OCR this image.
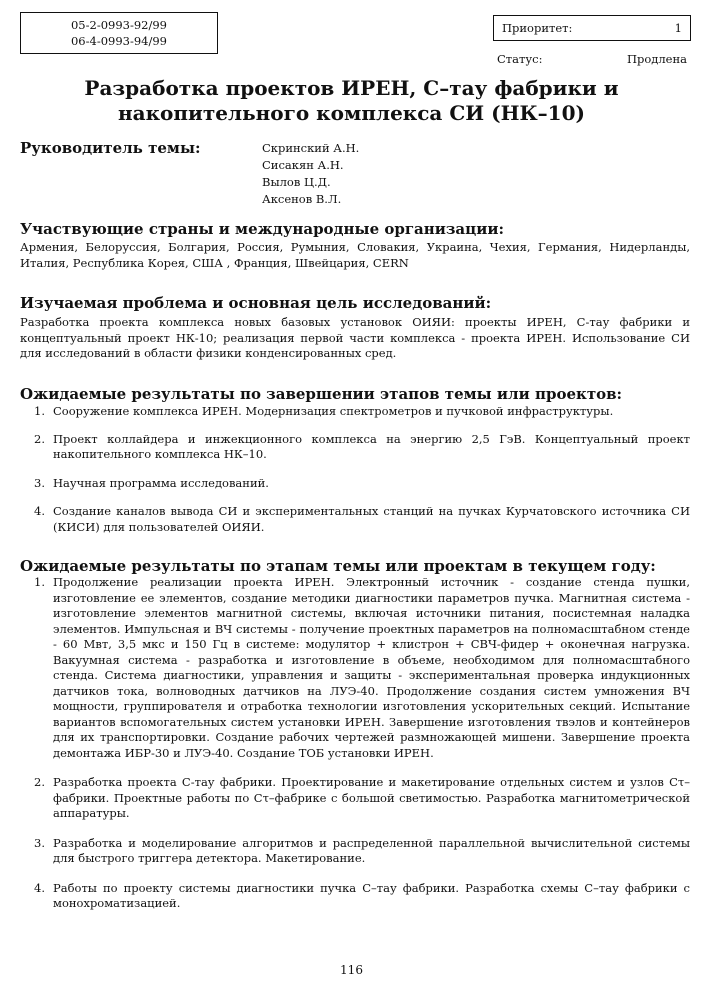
05-2-0993-92/99
06-4-0993-94/99
Приоритет:	1
Статус:	Продлена
Разработка проектов ИРЕН, С–тау фабрики и накопительного комплекса СИ (НК–10)
Руководитель темы:	Скринский А.Н.
Сисакян А.Н.
Вылов Ц.Д.
Аксенов В.Л.
Участвующие страны и международные организации:
Армения, Белоруссия, Болгария, Россия, Румыния, Словакия, Украина, Чехия, Германия, Нидерланды, Италия, Республика Корея, США , Франция, Швейцария, CERN
Изучаемая проблема и основная цель исследований:
Разработка проекта комплекса новых базовых установок ОИЯИ: проекты ИРЕН, С-тау фабрики и концептуальный проект НК-10; реализация первой части комплекса - проекта ИРЕН. Использование СИ для исследований в области физики конденсированных сред.
Ожидаемые результаты по завершении этапов темы или проектов:
1. Сооружение комплекса ИРЕН. Модернизация спектрометров и пучковой инфраструктуры.
2. Проект коллайдера и инжекционного комплекса на энергию 2,5 ГэВ. Концептуальный проект накопительного комплекса НК–10.
3. Научная программа исследований.
4. Создание каналов вывода СИ и экспериментальных станций на пучках Курчатовского источника СИ (КИСИ) для пользователей ОИЯИ.
Ожидаемые результаты по этапам темы или проектам в текущем году:
1. Продолжение реализации проекта ИРЕН. Электронный источник - создание стенда пушки, изготовление ее элементов, создание методики диагностики параметров пучка. Магнитная система - изготовление элементов магнитной системы, включая источники питания, посистемная наладка элементов. Импульсная и ВЧ системы - получение проектных параметров на полномасштабном стенде - 60 Мвт, 3,5 мкс и 150 Гц в системе: модулятор + клистрон + СВЧ-фидер + оконечная нагрузка. Вакуумная система - разработка и изготовление в объеме, необходимом для полномасштабного стенда. Система диагностики, управления и защиты - экспериментальная проверка индукционных датчиков тока, волноводных датчиков на ЛУЭ-40. Продолжение создания систем умножения ВЧ мощности, группирователя и отработка технологии изготовления ускорительных секций. Испытание вариантов вспомогательных систем установки ИРЕН. Завершение изготовления твэлов и контейнеров для их транспортировки. Создание рабочих чертежей размножающей мишени. Завершение проекта демонтажа ИБР-30 и ЛУЭ-40. Создание ТОБ установки ИРЕН.
2. Разработка проекта С-тау фабрики. Проектирование и макетирование отдельных систем и узлов Сτ–фабрики. Проектные работы по Сτ–фабрике с большой светимостью. Разработка магнитометрической аппаратуры.
3. Разработка и моделирование алгоритмов и распределенной параллельной вычислительной системы для быстрого триггера детектора. Макетирование.
4. Работы по проекту системы диагностики пучка С–тау фабрики. Разработка схемы С–тау фабрики с монохроматизацией.
116
